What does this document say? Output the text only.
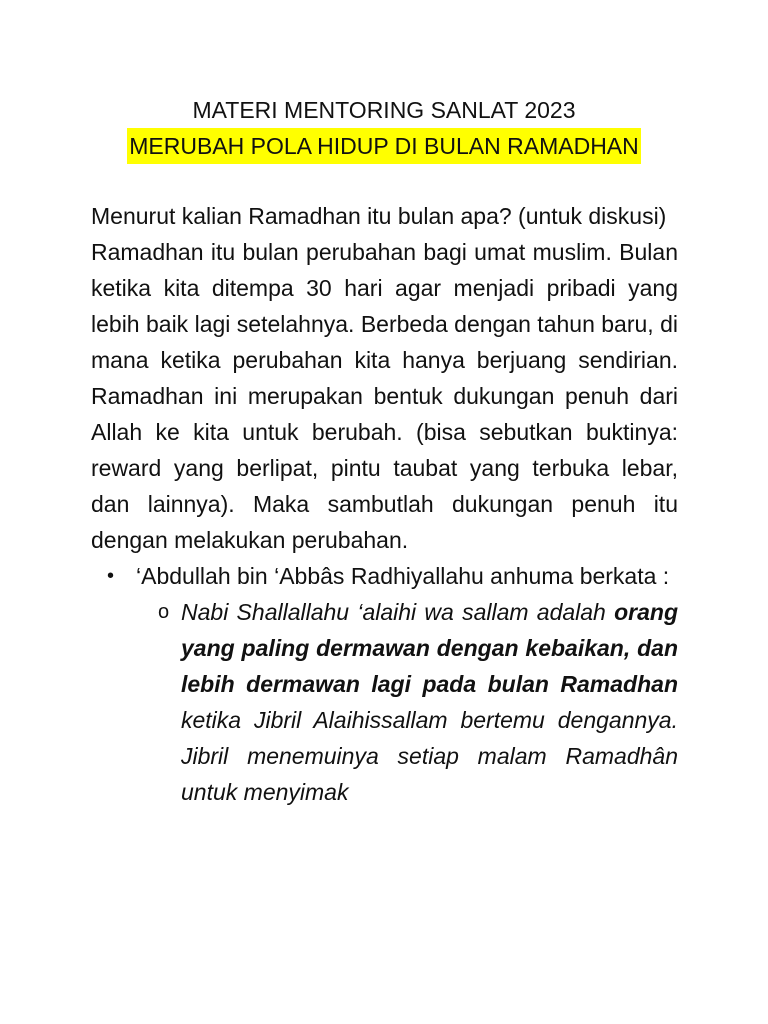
MATERI MENTORING SANLAT 2023
MERUBAH POLA HIDUP DI BULAN RAMADHAN

Menurut kalian Ramadhan itu bulan apa? (untuk diskusi)

Ramadhan itu bulan perubahan bagi umat muslim. Bulan ketika kita ditempa 30 hari agar menjadi pribadi yang lebih baik lagi setelahnya. Berbeda dengan tahun baru, di mana ketika perubahan kita hanya berjuang sendirian. Ramadhan ini merupakan bentuk dukungan penuh dari Allah ke kita untuk berubah. (bisa sebutkan buktinya: reward yang berlipat, pintu taubat yang terbuka lebar, dan lainnya). Maka sambutlah dukungan penuh itu dengan melakukan perubahan.

• ‘Abdullah bin ‘Abbâs Radhiyallahu anhuma berkata :
o Nabi Shallallahu ‘alaihi wa sallam adalah orang yang paling dermawan dengan kebaikan, dan lebih dermawan lagi pada bulan Ramadhan ketika Jibril Alaihissallam bertemu dengannya. Jibril menemuinya setiap malam Ramadhân untuk menyimak
